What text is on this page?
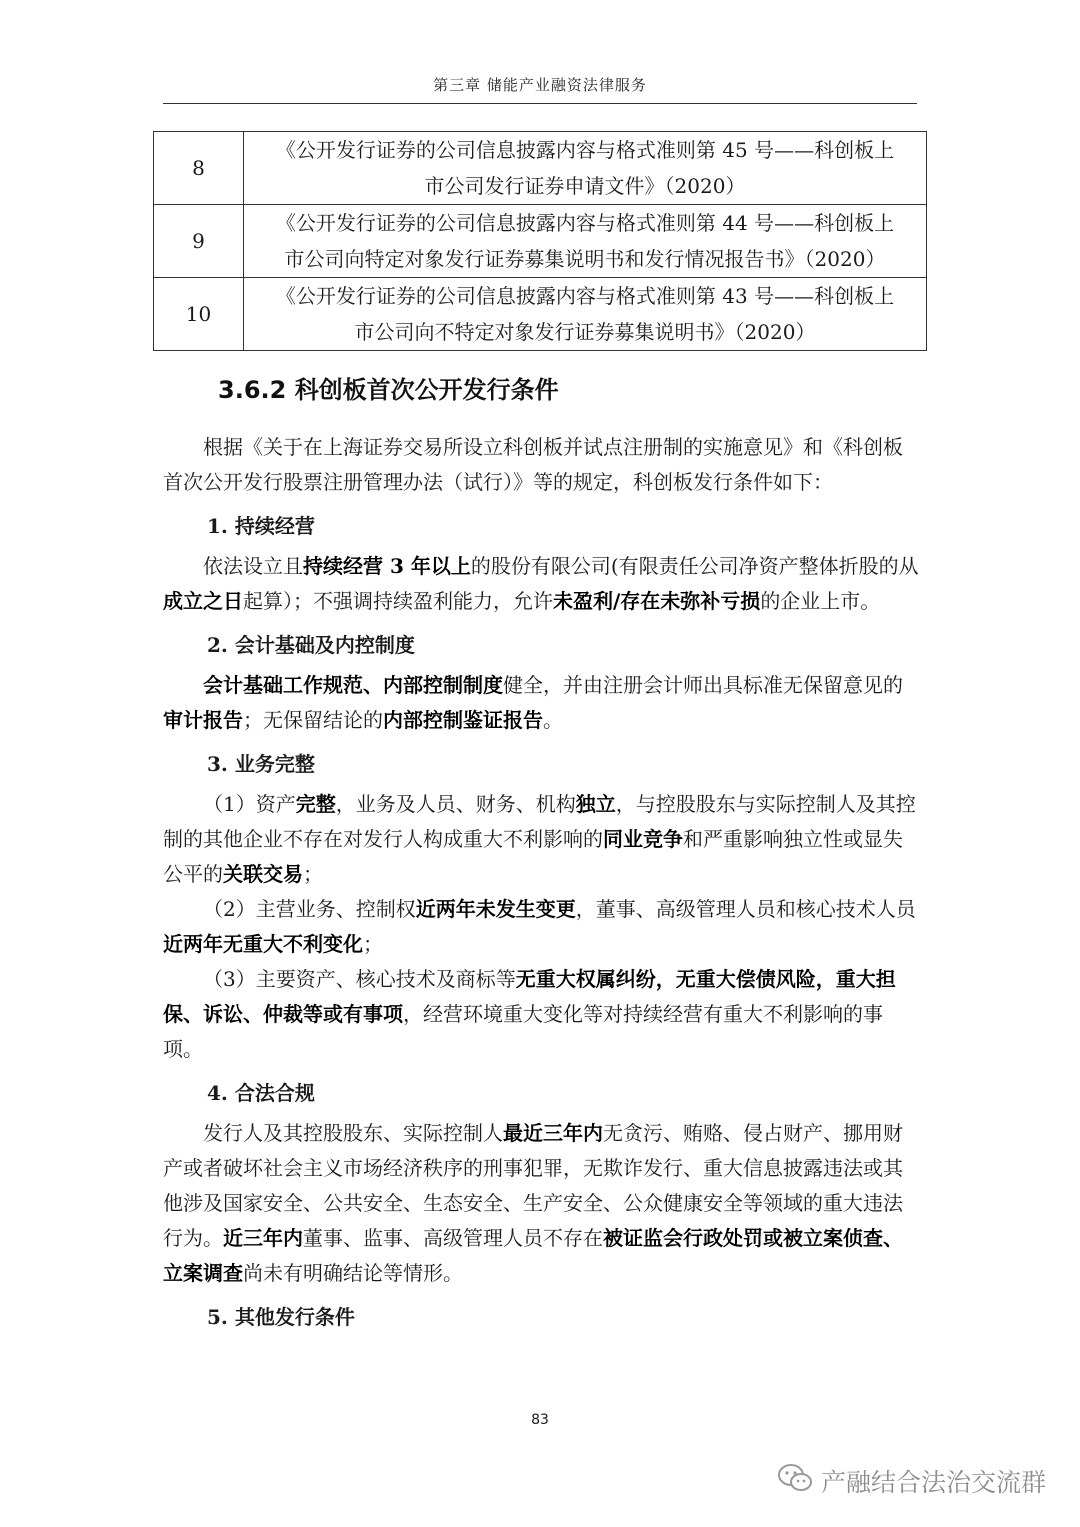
第三章 储能产业融资法律服务
8	《公开发行证券的公司信息披露内容与格式准则第 45 号——科创板上
市公司发行证券申请文件》（2020）

9	《公开发行证券的公司信息披露内容与格式准则第 44 号——科创板上
市公司向特定对象发行证券募集说明书和发行情况报告书》（2020）

10	《公开发行证券的公司信息披露内容与格式准则第 43 号——科创板上
市公司向不特定对象发行证券募集说明书》（2020）
3.6.2 科创板首次公开发行条件

根据《关于在上海证券交易所设立科创板并试点注册制的实施意见》和《科创板首次公开发行股票注册管理办法（试行）》等的规定，科创板发行条件如下：

1. 持续经营

依法设立且持续经营 3 年以上的股份有限公司(有限责任公司净资产整体折股的从成立之日起算）；不强调持续盈利能力，允许未盈利/存在未弥补亏损的企业上市。

2. 会计基础及内控制度

会计基础工作规范、内部控制制度健全，并由注册会计师出具标准无保留意见的审计报告；无保留结论的内部控制鉴证报告。

3. 业务完整

（1）资产完整，业务及人员、财务、机构独立，与控股股东与实际控制人及其控制的其他企业不存在对发行人构成重大不利影响的同业竞争和严重影响独立性或显失公平的关联交易；

（2）主营业务、控制权近两年未发生变更，董事、高级管理人员和核心技术人员近两年无重大不利变化；

（3）主要资产、核心技术及商标等无重大权属纠纷，无重大偿债风险，重大担保、诉讼、仲裁等或有事项，经营环境重大变化等对持续经营有重大不利影响的事项。

4. 合法合规

发行人及其控股股东、实际控制人最近三年内无贪污、贿赂、侵占财产、挪用财产或者破坏社会主义市场经济秩序的刑事犯罪，无欺诈发行、重大信息披露违法或其他涉及国家安全、公共安全、生态安全、生产安全、公众健康安全等领域的重大违法行为。近三年内董事、监事、高级管理人员不存在被证监会行政处罚或被立案侦查、立案调查尚未有明确结论等情形。

5. 其他发行条件

83
产融结合法治交流群
